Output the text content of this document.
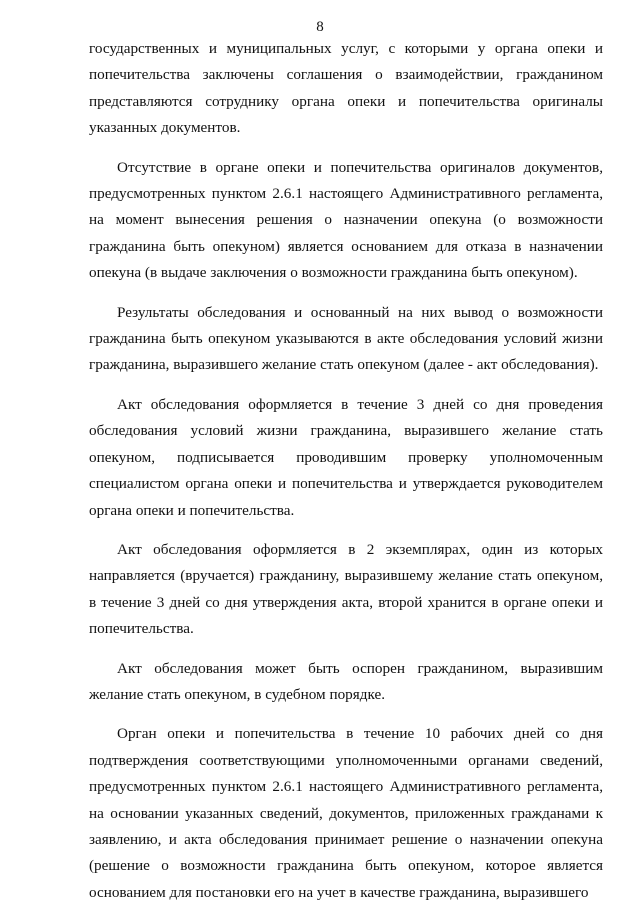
8

государственных и муниципальных услуг, с которыми у органа опеки и попечительства заключены соглашения о взаимодействии, гражданином представляются сотруднику органа опеки и попечительства оригиналы указанных документов.

Отсутствие в органе опеки и попечительства оригиналов документов, предусмотренных пунктом 2.6.1 настоящего Административного регламента, на момент вынесения решения о назначении опекуна (о возможности гражданина быть опекуном) является основанием для отказа в назначении опекуна (в выдаче заключения о возможности гражданина быть опекуном).

Результаты обследования и основанный на них вывод о возможности гражданина быть опекуном указываются в акте обследования условий жизни гражданина, выразившего желание стать опекуном (далее - акт обследования).

Акт обследования оформляется в течение 3 дней со дня проведения обследования условий жизни гражданина, выразившего желание стать опекуном, подписывается проводившим проверку уполномоченным специалистом органа опеки и попечительства и утверждается руководителем органа опеки и попечительства.

Акт обследования оформляется в 2 экземплярах, один из которых направляется (вручается) гражданину, выразившему желание стать опекуном, в течение 3 дней со дня утверждения акта, второй хранится в органе опеки и попечительства.

Акт обследования может быть оспорен гражданином, выразившим желание стать опекуном, в судебном порядке.

Орган опеки и попечительства в течение 10 рабочих дней со дня подтверждения соответствующими уполномоченными органами сведений, предусмотренных пунктом 2.6.1 настоящего Административного регламента, на основании указанных сведений, документов, приложенных гражданами к заявлению, и акта обследования принимает решение о назначении опекуна (решение о возможности гражданина быть опекуном, которое является основанием для постановки его на учет в качестве гражданина, выразившего
